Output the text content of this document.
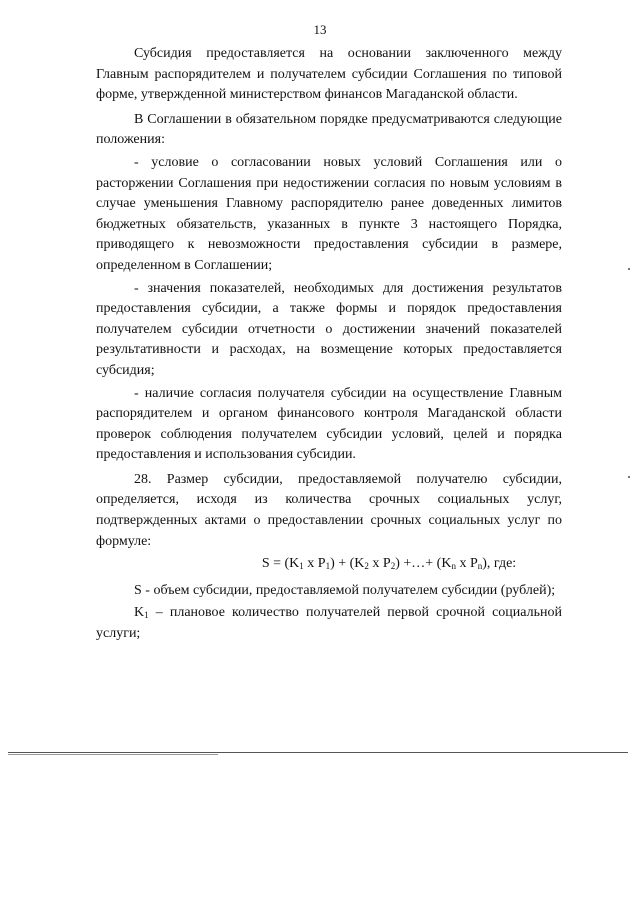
13

Субсидия предоставляется на основании заключенного между Главным распорядителем и получателем субсидии Соглашения по типовой форме, утвержденной министерством финансов Магаданской области.

В Соглашении в обязательном порядке предусматриваются следующие положения:

- условие о согласовании новых условий Соглашения или о расторжении Соглашения при недостижении согласия по новым условиям в случае уменьшения Главному распорядителю ранее доведенных лимитов бюджетных обязательств, указанных в пункте 3 настоящего Порядка, приводящего к невозможности предоставления субсидии в размере, определенном в Соглашении;

- значения показателей, необходимых для достижения результатов предоставления субсидии, а также формы и порядок предоставления получателем субсидии отчетности о достижении значений показателей результативности и расходах, на возмещение которых предоставляется субсидия;

- наличие согласия получателя субсидии на осуществление Главным распорядителем и органом финансового контроля Магаданской области проверок соблюдения получателем субсидии условий, целей и порядка предоставления и использования субсидии.

28. Размер субсидии, предоставляемой получателю субсидии, определяется, исходя из количества срочных социальных услуг, подтвержденных актами о предоставлении срочных социальных услуг по формуле:

$S = (K_1$ х $P_1) + (K_2$ х $P_2$) +…+ ($K_n$ х $P_n$), где:

S - объем субсидии, предоставляемой получателем субсидии (рублей);

$K_1$ – плановое количество получателей первой срочной социальной услуги;
